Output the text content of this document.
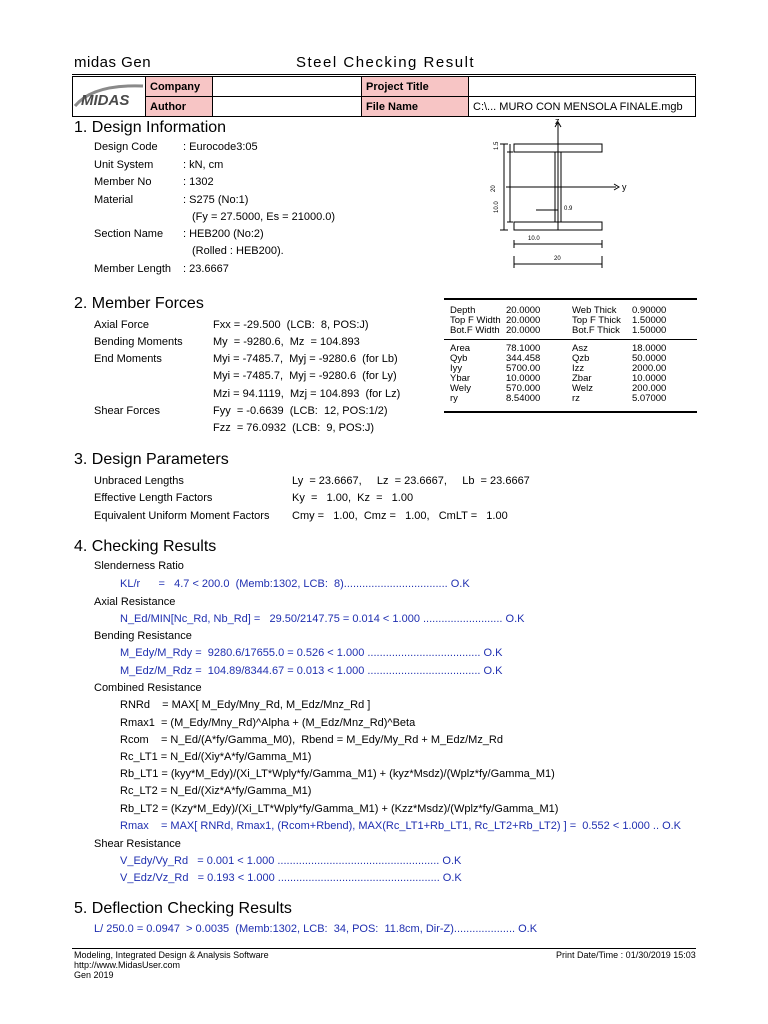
midas Gen	Steel Checking Result
MIDAS	Company		Project Title	
	Author		File Name	C:\... MURO CON MENSOLA FINALE.mgb
1. Design Information
Design Code : Eurocode3:05
Unit System	: kN, cm
Member No	: 1302
Material	: S275 (No:1)
(Fy = 27.5000, Es = 21000.0)
Section Name : HEB200 (No:2)
(Rolled : HEB200).
Member Length : 23.6667
z
y
20
1.5
10.0	0.9
10.0
20
2. Member Forces
Axial Force	Fxx = -29.500  (LCB:  8, POS:J)
Bending Moments	My  = -9280.6,  Mz  = 104.893
End Moments	Myi = -7485.7,  Myj = -9280.6  (for Lb)
Myi = -7485.7,  Myj = -9280.6  (for Ly)
Mzi = 94.1119,  Mzj = 104.893  (for Lz)
Shear Forces	Fyy  = -0.6639  (LCB:  12, POS:1/2)
Fzz  = 76.0932  (LCB:  9, POS:J)
Depth	20.0000	Web Thick 0.90000
Top F Width 20.0000	Top F Thick 1.50000
Bot.F Width 20.0000	Bot.F Thick 1.50000
Area	78.1000	Asz	18.0000
Qyb	344.458	Qzb	50.0000
Iyy	5700.00	Izz	2000.00
Ybar	10.0000	Zbar	10.0000
Wely	570.000	Welz	200.000
ry	8.54000	rz	5.07000
3. Design Parameters
Unbraced Lengths	Ly  = 23.6667,     Lz  = 23.6667,     Lb  = 23.6667
Effective Length Factors	Ky  =   1.00,  Kz  =   1.00
Equivalent Uniform Moment Factors Cmy =   1.00,  Cmz =   1.00,   CmLT =   1.00
4. Checking Results
Slenderness Ratio
KL/r      =   4.7 < 200.0  (Memb:1302, LCB:  8).................................. O.K
Axial Resistance
N_Ed/MIN[Nc_Rd, Nb_Rd] =   29.50/2147.75 = 0.014 < 1.000 .......................... O.K
Bending Resistance
M_Edy/M_Rdy =  9280.6/17655.0 = 0.526 < 1.000 ..................................... O.K
M_Edz/M_Rdz =  104.89/8344.67 = 0.013 < 1.000 ..................................... O.K
Combined Resistance
RNRd    = MAX[ M_Edy/Mny_Rd, M_Edz/Mnz_Rd ]
Rmax1  = (M_Edy/Mny_Rd)^Alpha + (M_Edz/Mnz_Rd)^Beta
Rcom    = N_Ed/(A*fy/Gamma_M0),  Rbend = M_Edy/My_Rd + M_Edz/Mz_Rd
Rc_LT1 = N_Ed/(Xiy*A*fy/Gamma_M1)
Rb_LT1 = (kyy*M_Edy)/(Xi_LT*Wply*fy/Gamma_M1) + (kyz*Msdz)/(Wplz*fy/Gamma_M1)
Rc_LT2 = N_Ed/(Xiz*A*fy/Gamma_M1)
Rb_LT2 = (Kzy*M_Edy)/(Xi_LT*Wply*fy/Gamma_M1) + (Kzz*Msdz)/(Wplz*fy/Gamma_M1)
Rmax    = MAX[ RNRd, Rmax1, (Rcom+Rbend), MAX(Rc_LT1+Rb_LT1, Rc_LT2+Rb_LT2) ] =  0.552 < 1.000 .. O.K
Shear Resistance
V_Edy/Vy_Rd   = 0.001 < 1.000 ..................................................... O.K
V_Edz/Vz_Rd   = 0.193 < 1.000 ..................................................... O.K
5. Deflection Checking Results
L/ 250.0 = 0.0947  > 0.0035  (Memb:1302, LCB:  34, POS:  11.8cm, Dir-Z).................... O.K
Modeling, Integrated Design & Analysis Software
http://www.MidasUser.com
Gen 2019
Print Date/Time : 01/30/2019 15:03
